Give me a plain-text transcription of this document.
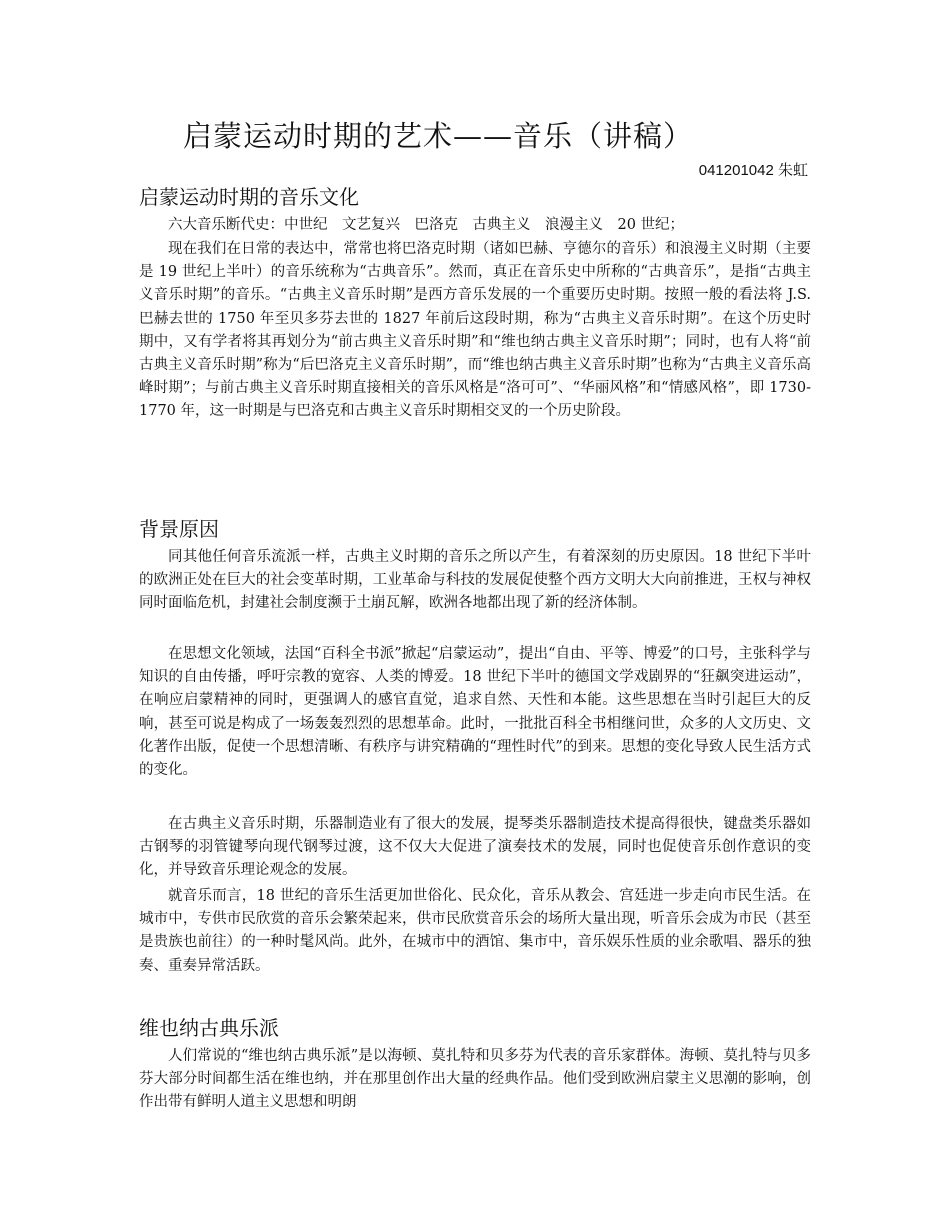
启蒙运动时期的艺术——音乐（讲稿）
041201042 朱虹
启蒙运动时期的音乐文化

六大音乐断代史：中世纪　文艺复兴　巴洛克　古典主义　浪漫主义　20 世纪；

现在我们在日常的表达中，常常也将巴洛克时期（诸如巴赫、亨德尔的音乐）和浪漫主义时期（主要是 19 世纪上半叶）的音乐统称为“古典音乐”。然而，真正在音乐史中所称的“古典音乐”，是指“古典主义音乐时期”的音乐。“古典主义音乐时期”是西方音乐发展的一个重要历史时期。按照一般的看法将 J.S. 巴赫去世的 1750 年至贝多芬去世的 1827 年前后这段时期，称为“古典主义音乐时期”。在这个历史时期中，又有学者将其再划分为“前古典主义音乐时期”和“维也纳古典主义音乐时期”；同时，也有人将“前古典主义音乐时期”称为“后巴洛克主义音乐时期”，而“维也纳古典主义音乐时期”也称为“古典主义音乐高峰时期”；与前古典主义音乐时期直接相关的音乐风格是“洛可可”、“华丽风格”和“情感风格”，即 1730-1770 年，这一时期是与巴洛克和古典主义音乐时期相交叉的一个历史阶段。

背景原因

同其他任何音乐流派一样，古典主义时期的音乐之所以产生，有着深刻的历史原因。18 世纪下半叶的欧洲正处在巨大的社会变革时期，工业革命与科技的发展促使整个西方文明大大向前推进，王权与神权同时面临危机，封建社会制度濒于土崩瓦解，欧洲各地都出现了新的经济体制。

在思想文化领域，法国“百科全书派”掀起“启蒙运动”，提出“自由、平等、博爱”的口号，主张科学与知识的自由传播，呼吁宗教的宽容、人类的博爱。18 世纪下半叶的德国文学戏剧界的“狂飙突进运动”，在响应启蒙精神的同时，更强调人的感官直觉，追求自然、天性和本能。这些思想在当时引起巨大的反响，甚至可说是构成了一场轰轰烈烈的思想革命。此时，一批批百科全书相继问世，众多的人文历史、文化著作出版，促使一个思想清晰、有秩序与讲究精确的“理性时代”的到来。思想的变化导致人民生活方式的变化。

在古典主义音乐时期，乐器制造业有了很大的发展，提琴类乐器制造技术提高得很快，键盘类乐器如古钢琴的羽管键琴向现代钢琴过渡，这不仅大大促进了演奏技术的发展，同时也促使音乐创作意识的变化，并导致音乐理论观念的发展。

就音乐而言，18 世纪的音乐生活更加世俗化、民众化，音乐从教会、宫廷进一步走向市民生活。在城市中，专供市民欣赏的音乐会繁荣起来，供市民欣赏音乐会的场所大量出现，听音乐会成为市民（甚至是贵族也前往）的一种时髦风尚。此外，在城市中的酒馆、集市中，音乐娱乐性质的业余歌唱、器乐的独奏、重奏异常活跃。

维也纳古典乐派

人们常说的“维也纳古典乐派”是以海顿、莫扎特和贝多芬为代表的音乐家群体。海顿、莫扎特与贝多芬大部分时间都生活在维也纳，并在那里创作出大量的经典作品。他们受到欧洲启蒙主义思潮的影响，创作出带有鲜明人道主义思想和明朗
